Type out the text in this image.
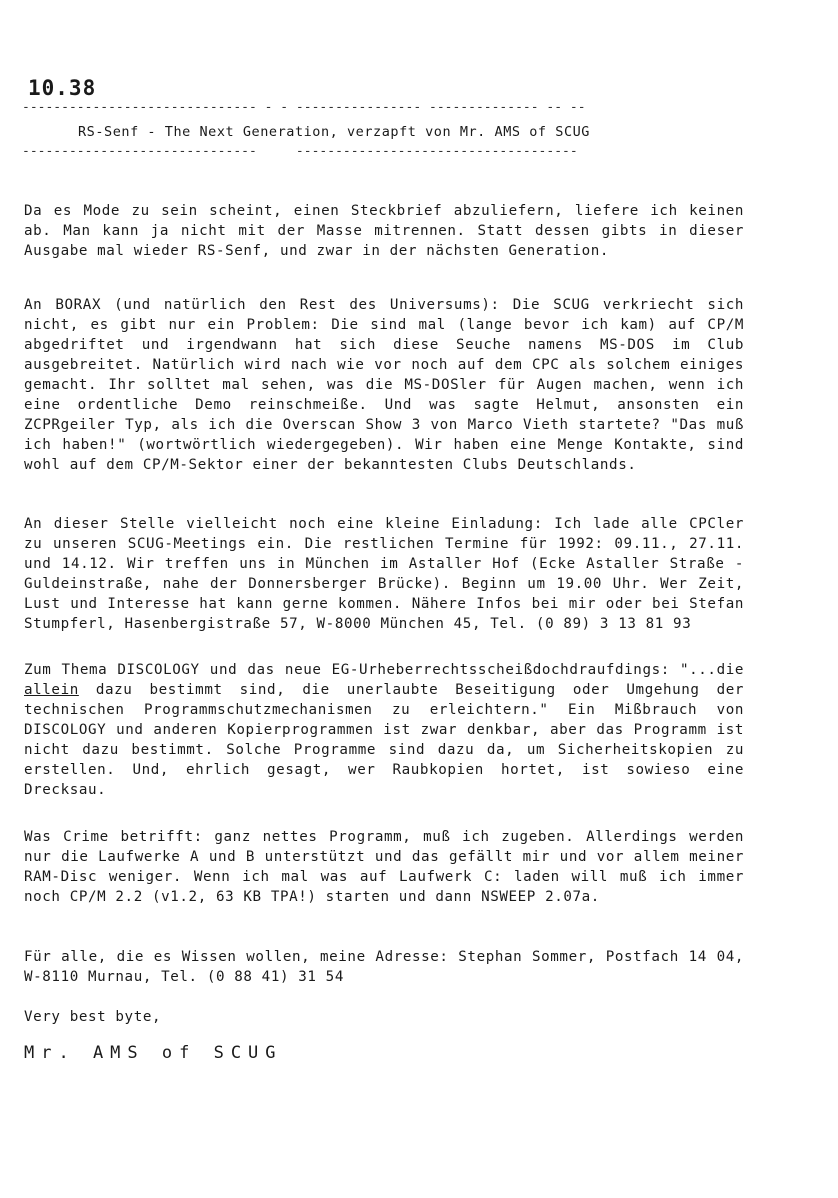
10.38
------------------------------ - - ---------------- -------------- -- --
RS-Senf - The Next Generation, verzapft von Mr. AMS of SCUG
------------------------------     ------------------------------------
Da es Mode zu sein scheint, einen Steckbrief abzuliefern, liefere ich keinen ab. Man kann ja nicht mit der Masse mitrennen. Statt dessen gibts in dieser Ausgabe mal wieder RS-Senf, und zwar in der nächsten Generation.
An BORAX (und natürlich den Rest des Universums): Die SCUG verkriecht sich nicht, es gibt nur ein Problem: Die sind mal (lange bevor ich kam) auf CP/M abgedriftet und irgendwann hat sich diese Seuche namens MS-DOS im Club ausgebreitet. Natürlich wird nach wie vor noch auf dem CPC als solchem einiges gemacht. Ihr solltet mal sehen, was die MS-DOSler für Augen machen, wenn ich eine ordentliche Demo reinschmeiße. Und was sagte Helmut, ansonsten ein ZCPRgeiler Typ, als ich die Overscan Show 3 von Marco Vieth startete? "Das muß ich haben!" (wortwörtlich wiedergegeben). Wir haben eine Menge Kontakte, sind wohl auf dem CP/M-Sektor einer der bekanntesten Clubs Deutschlands.
An dieser Stelle vielleicht noch eine kleine Einladung: Ich lade alle CPCler zu unseren SCUG-Meetings ein. Die restlichen Termine für 1992: 09.11., 27.11. und 14.12. Wir treffen uns in München im Astaller Hof (Ecke Astaller Straße - Guldeinstraße, nahe der Donnersberger Brücke). Beginn um 19.00 Uhr. Wer Zeit, Lust und Interesse hat kann gerne kommen. Nähere Infos bei mir oder bei Stefan Stumpferl, Hasenbergistraße 57, W-8000 München 45, Tel. (0 89) 3 13 81 93
Zum Thema DISCOLOGY und das neue EG-Urheberrechtsscheißdochdraufdings: "...die allein dazu bestimmt sind, die unerlaubte Beseitigung oder Umgehung der technischen Programmschutzmechanismen zu erleichtern." Ein Mißbrauch von DISCOLOGY und anderen Kopierprogrammen ist zwar denkbar, aber das Programm ist nicht dazu bestimmt. Solche Programme sind dazu da, um Sicherheitskopien zu erstellen. Und, ehrlich gesagt, wer Raubkopien hortet, ist sowieso eine Drecksau.
Was Crime betrifft: ganz nettes Programm, muß ich zugeben. Allerdings werden nur die Laufwerke A und B unterstützt und das gefällt mir und vor allem meiner RAM-Disc weniger. Wenn ich mal was auf Laufwerk C: laden will muß ich immer noch CP/M 2.2 (v1.2, 63 KB TPA!) starten und dann NSWEEP 2.07a.
Für alle, die es Wissen wollen, meine Adresse: Stephan Sommer, Postfach 14 04, W-8110 Murnau, Tel. (0 88 41) 31 54
Very best byte,
Mr. AMS of SCUG
